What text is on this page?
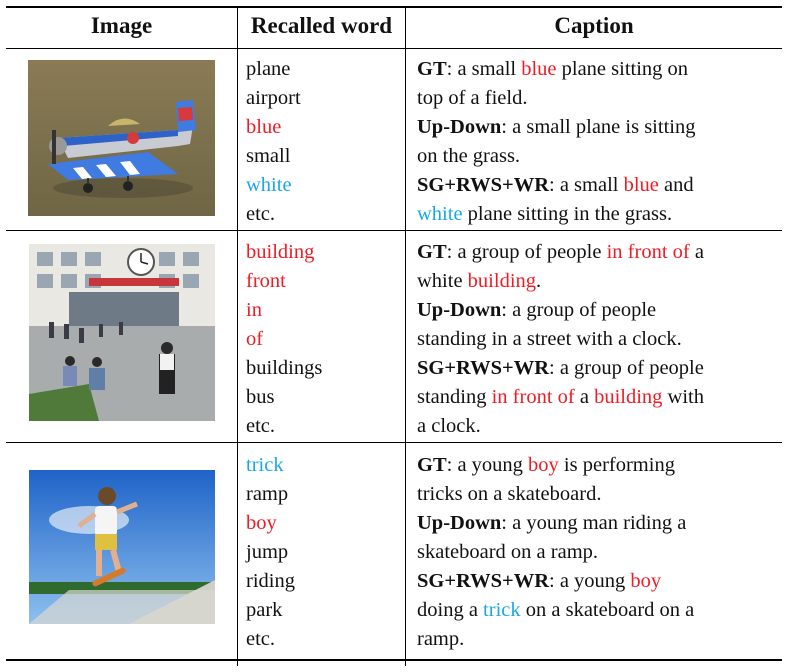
Image	Recalled word	Caption
plane
airport
blue
small
white
etc.
building
front
in
of
buildings
bus
etc.
trick
ramp
boy
jump
riding
park
etc.
GT: a small blue plane sitting on
top of a field.
Up-Down: a small plane is sitting
on the grass.
SG+RWS+WR: a small blue and
white plane sitting in the grass.
GT: a group of people in front of a
white building.
Up-Down: a group of people
standing in a street with a clock.
SG+RWS+WR: a group of people
standing in front of a building with
a clock.
GT: a young boy is performing
tricks on a skateboard.
Up-Down: a young man riding a
skateboard on a ramp.
SG+RWS+WR: a young boy
doing a trick on a skateboard on a
ramp.
